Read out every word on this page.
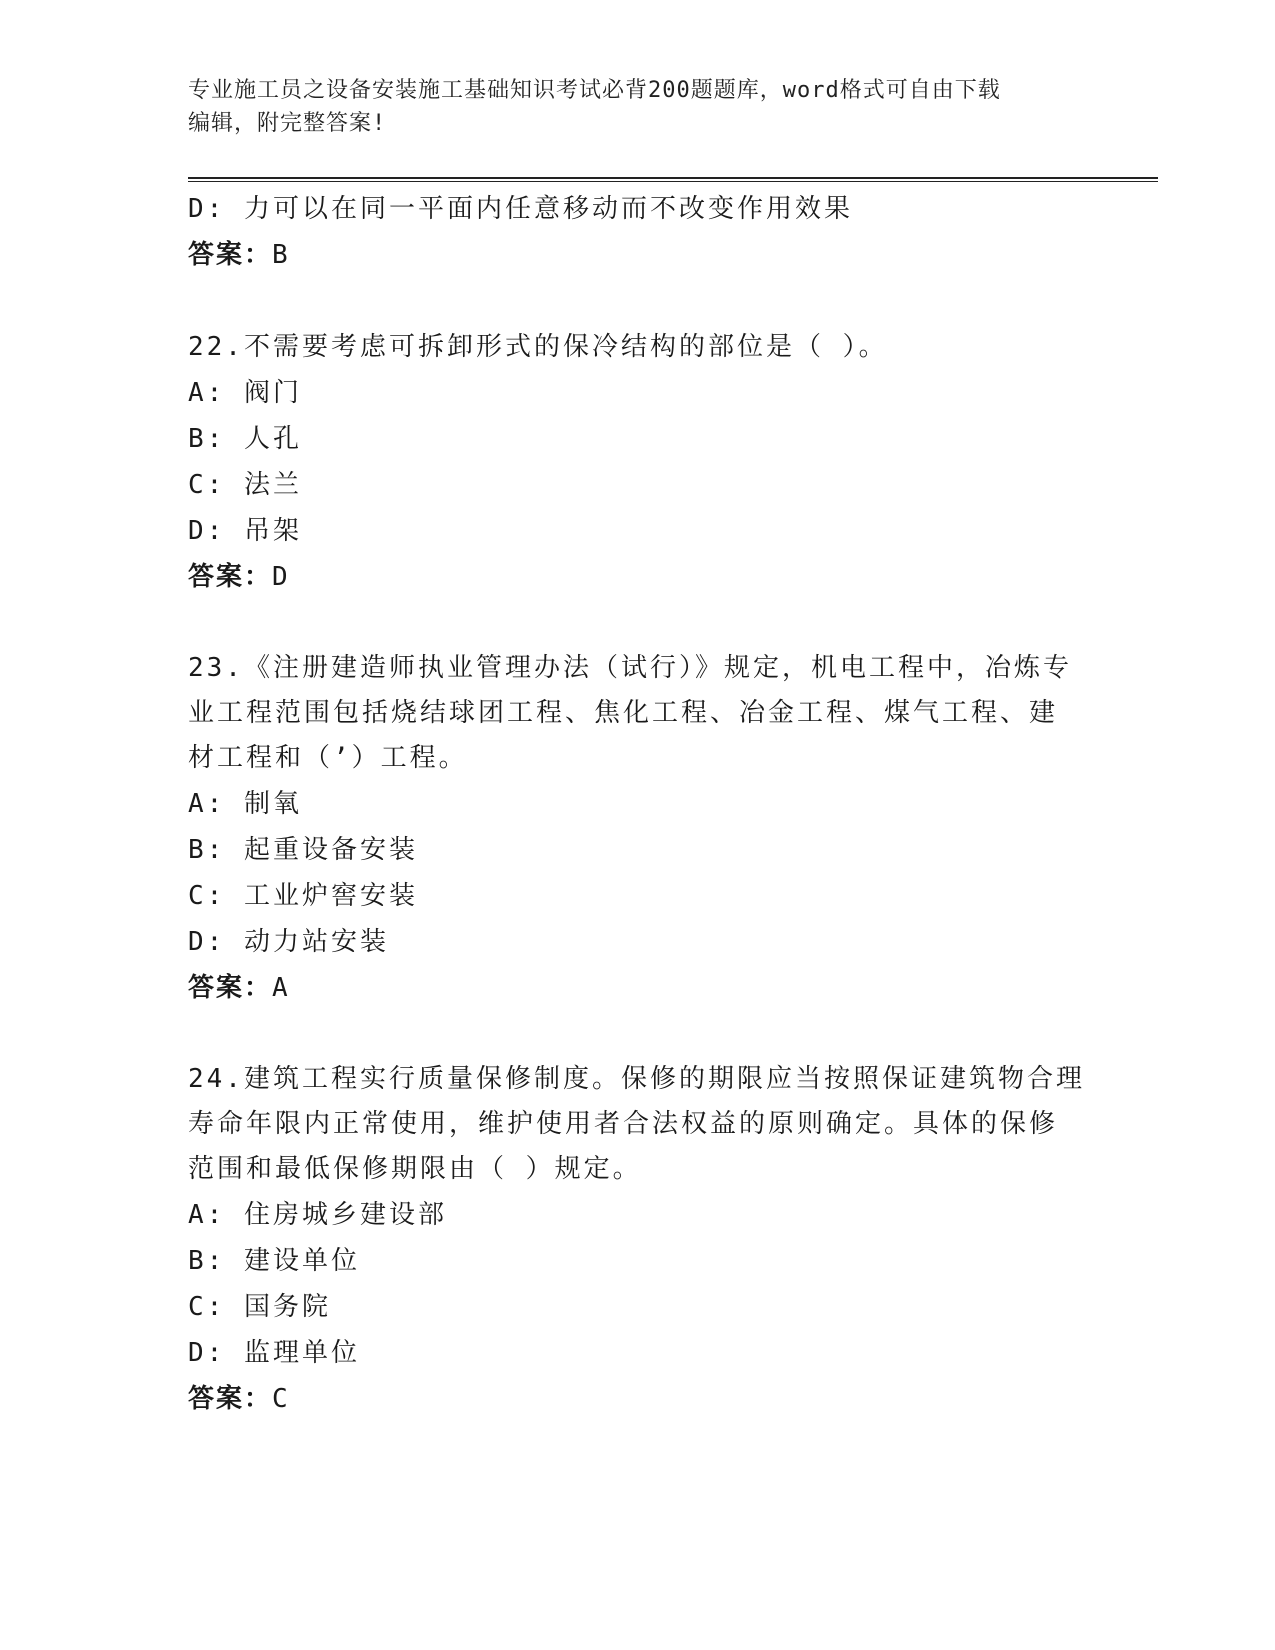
专业施工员之设备安装施工基础知识考试必背200题题库，word格式可自由下载
编辑，附完整答案!
D: 力可以在同一平面内任意移动而不改变作用效果
答案：B
22.不需要考虑可拆卸形式的保冷结构的部位是（ ）。
A: 阀门
B: 人孔
C: 法兰
D: 吊架
答案：D
23.《注册建造师执业管理办法（试行）》规定，机电工程中，冶炼专
业工程范围包括烧结球团工程、焦化工程、冶金工程、煤气工程、建
材工程和（’）工程。
A: 制氧
B: 起重设备安装
C: 工业炉窖安装
D: 动力站安装
答案：A
24.建筑工程实行质量保修制度。保修的期限应当按照保证建筑物合理
寿命年限内正常使用，维护使用者合法权益的原则确定。具体的保修
范围和最低保修期限由（ ）规定。
A: 住房城乡建设部
B: 建设单位
C: 国务院
D: 监理单位
答案：C
